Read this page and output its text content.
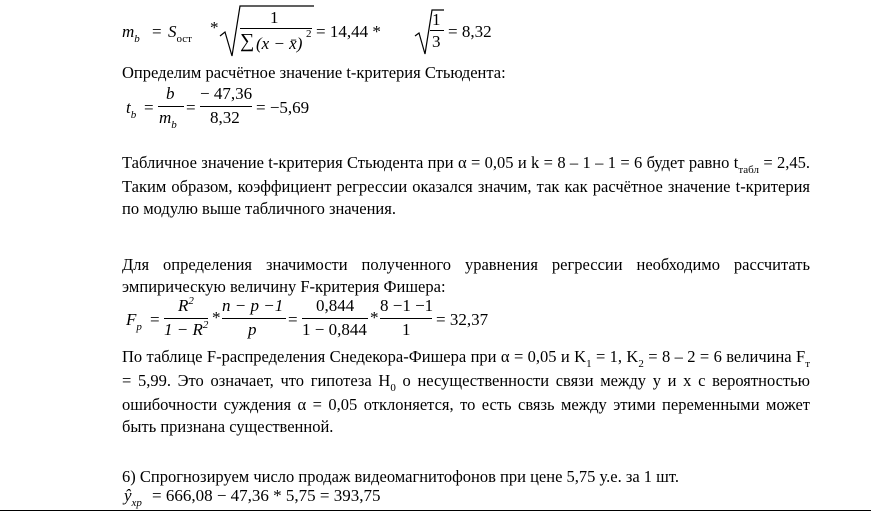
$m_b = S_{ост}$
*
1
∑ (x − x̄) 2 = 14,44 *
1
3
= 8,32

Определим расчётное значение t-критерия Стьюдента:

$t_b$ =
b
$m_b$
=
− 47,36
8,32
= −5,69

Табличное значение t-критерия Стьюдента при α = 0,05 и k = 8 – 1 – 1 = 6 будет равно $t_{табл} = 2,45$. Таким образом, коэффициент регрессии оказался значим, так как расчётное значение t-критерия по модулю выше табличного значения.

Для определения значимости полученного уравнения регрессии необходимо рассчитать эмпирическую величину F-критерия Фишера:

$F_p$ =
$R^2$
$1 - R^2$ *
n − p −1
p
=
0,844
1 − 0,844
*
8 −1 −1
1
= 32,37

По таблице F-распределения Снедекора-Фишера при α = 0,05 и $K_1 = 1$, $K_2 = 8 - 2 = 6$ величина $F_т = 5,99$. Это означает, что гипотеза $H_0$ о несущественности связи между y и x с вероятностью ошибочности суждения α = 0,05 отклоняется, то есть связь между этими переменными может быть признана существенной.

6) Спрогнозируем число продаж видеомагнитофонов при цене 5,75 у.е. за 1 шт.

$ŷ_{xp} = 666,08 - 47,36 * 5,75 = 393,75$
